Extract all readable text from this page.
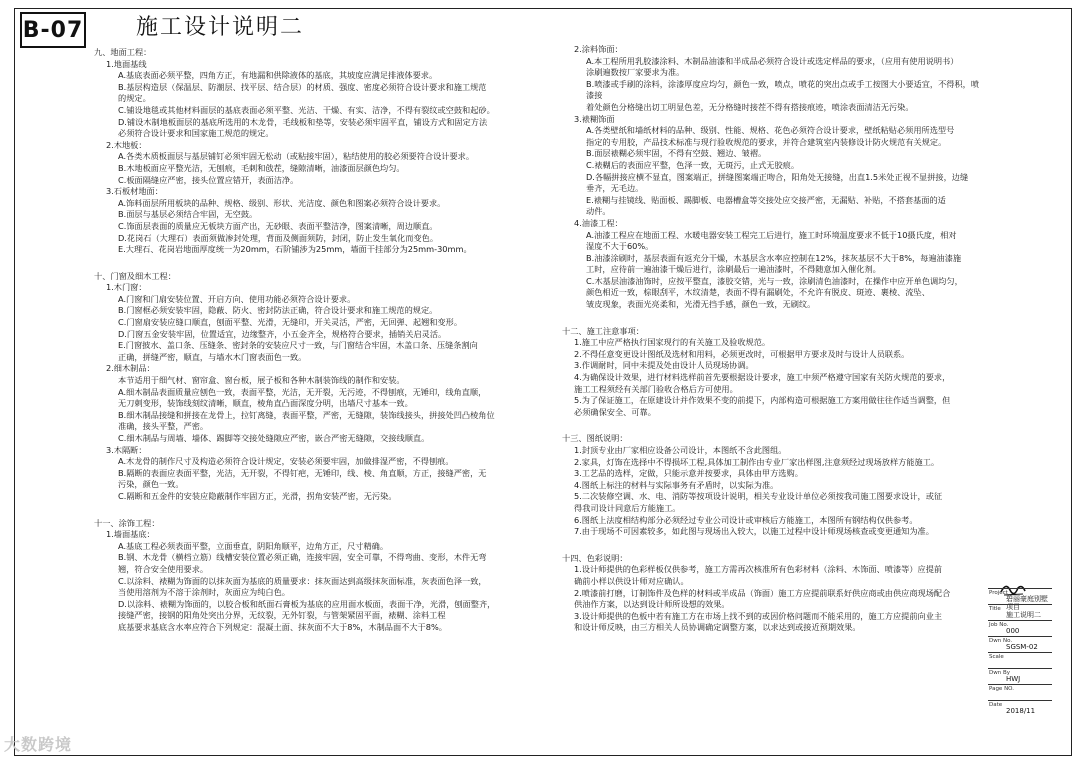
B-07 施工设计说明二
九、地面工程：
1.地面基线
A.基底表面必须平整，四角方正，有地漏和供除液体的基底，其坡度应满足排液体要求。
B.基层构造层（保温层、防潮层、找平层、结合层）的材质、强度、密度必须符合设计要求和施工规范
的规定。
C.铺设地毯或其他材料面层的基底表面必须平整、光洁、干燥、有实、洁净，不得有裂纹或空鼓和起砂。
D.铺设木制地板面层的基底所选用的木龙骨，毛线板和垫等，安装必须牢固平直，铺设方式和固定方法
必须符合设计要求和国家施工规范的规定。
2.木地板：
A.各类木质板面层与基层铺钉必须牢固无松动（或粘接牢固），粘结使用的胶必须要符合设计要求。
B.木地板面应平整光洁，无刨痕，毛刺和戗茬，缝隙清晰，油漆面层颜色均匀。
C.板面隔缝应严密，接头位置应错开，表面洁净。
3.石板材地面：
A.饰料面层所用板块的品种、规格、级别、形状、光洁度、颜色和图案必须符合设计要求。
B.面层与基层必须结合牢固，无空鼓。
C.饰面层表面的质量应无板块方面产出，无砂眼、表面平整洁净，图案清晰，周边顺直。
D.花岗石（大理石）表面须做渗封处理，背面及侧面须防，封闭，防止发生氧化而变色。
E.大理石、花岗岩地面厚度统一为20mm，石阶铺涉为25mm，墙面干挂部分为25mm-30mm。
十、门窗及细木工程：
1.木门窗：
A.门窗和门扇安装位置、开启方向、使用功能必须符合设计要求。
B.门窗框必须安装牢固，隐蔽、防火、密封防法正确，符合设计要求和施工规范的规定。
C.门窗扇安装应缝口顺直，刨面平整、光滑，无缝印，开关灵活，严密，无回弹、起翘和变形。
D.门窗五金安装牢固，位置适宜，边缘整齐，小五金齐全，规格符合要求，插销关启灵活。
E.门窗披水、盖口条、压缝条、密封条的安装应尺寸一致，与门窗结合牢固，木盖口条、压缝条割向
正确，拼缝严密，顺直，与墙水木门窗表面色一致。
2.细木制品：
本节适用于细气材、窗帘盒、窗台板，展子板和各种木制装饰线的制作和安装。
A.细木制品表面质量应刨色一致，表面平整，光洁，无开裂，无污迹，不得刨痕，无锤印，线角直顺，
无刀刺变形，装饰线刻纹清晰，顺直，棱角直凸面深度分明，出墙尺寸基本一致。
B.细木制品接缝和拼接在龙骨上，拉钉离缝，表面平整，严密，无缝隙，装饰线接头，拼接处凹凸棱角位
准确，接头平整，严密。
C.细木制品与周墙、墙体、踢脚等交接处缝隙应严密，嵌合严密无缝隙，交接线顺直。
3.木隔断：
A.木龙骨的制作尺寸及构造必须符合设计规定，安装必须要牢固，加做排湿严密，不得刨痕。
B.隔断的表面应表面平整，光洁，无开裂，不得钉疤，无锤印，线、棱、角直顺，方正，接缝严密，无
污染，颜色一致。
C.隔断和五金件的安装应隐蔽制作牢固方正，光滑，拐角安装严密，无污染。
十一、涂饰工程：
1.墙面基底：
A.基底工程必须表面平整，立面垂直，阴阳角顺平，边角方正，尺寸精确。
B.钢、木龙骨（横档立筋）线槽安装位置必须正确，连接牢固，安全可靠，不得弯曲、变形，木件无弯
翘，符合安全使用要求。
C.以涂料、裱糊为饰面的以抹灰面为基底的质量要求：抹灰面达到高级抹灰面标准，灰表面色泽一致，
当使用溶剂为不溶于涂剂时，灰面应为纯白色。
D.以涂料、裱糊为饰面的，以胶合板和纸面石膏板为基底的应用面水板面，表面干净，光滑，刨面整齐，
接缝严密，接钢的阳角处突出分界，无纹裂，无外钉裂，与管架紧固平面，裱糊、涂料工程
底基要求基底含水率应符合下列规定：混凝土面、抹灰面不大于8%，木制品面不大于8%。
2.涂料饰面：
A.本工程所用乳胶漆涂料、木制品油漆和半成品必须符合设计或选定样品的要求，（应用有使用说明书）
涂刷遍数按厂家要求为准。
B.喷漆或手刷的涂料，涂漆厚度应均匀，颜色一致，喷点，喷花的突出点或手工按图大小要适宜，不得积，喷漆接
着处颜色分格缝出切工明显色差，无分格缝时接茬不得有搭接痕迹，喷涂表面清洁无污染。
3.裱糊饰面
A.各类壁纸和墙纸材料的品种、级别、性能、规格、花色必须符合设计要求，壁纸粘贴必须用所选型号
指定的专用胶，产品技术标准与现行验收规范的要求，并符合建筑室内装修设计防火规范有关规定。
B.面层裱糊必须牢固，不得有空鼓、翘边、皱褶。
C.裱糊后的表面应平整，色泽一致，无斑污，止式无胶痕。
D.各幅拼接应横不显直，图案端正，拼缝图案端正吻合，阳角处无接缝，出直1.5米处正视不显拼接，边缝
垂齐，无毛边。
E.裱糊与挂镜线、贴面板、踢脚板、电器槽盒等交接处应交接严密，无漏贴、补贴，不搭套基面的适
动件。
4.油漆工程：
A.油漆工程应在地面工程、水暖电器安装工程完工后进行，施工时环境温度要求不低于10摄氏度，相对
湿度不大于60%。
B.油漆涂刷时，基层表面有返充分干燥，木基层含水率应控制在12%，抹灰基层不大于8%，每遍油漆施
工时，应待前一遍油漆干燥后进行，涂刷最后一遍油漆时，不得随意加入催化剂。
C.木基层油漆油饰时，应按平整直，漆胶交错，光与一致，涂刷清色油漆时，在操作中应开单色调均匀，
颜色相近一致，棕眼刮平，木纹清楚，表面不得有漏刷处，不允许有脱皮、斑迹、裹棱、流坠、
皱皮现象，表面光亮柔和，光滑无挡手感，颜色一致，无刷纹。
十二、施工注意事项：
1.施工中应严格执行国家现行的有关施工及验收规范。
2.不得任意变更设计图纸及选材和用料，必须更改时，可根据甲方要求及时与设计人员联系。
3.作调耐时，同中未提及处由设计人员现场协调。
4.为确保设计效果，进行材料选样前首先要根据设计要求，施工中须严格遵守国家有关防火规范的要求，
施工工程须经有关部门验收合格后方可使用。
5.为了保证施工，在原建设计并作效果不变的前提下，内部构造可根据施工方案用做往往作适当调整，但
必须确保安全、可靠。
十三、图纸说明：
1.封顶专业由厂家相应设备公司设计，本图纸不含此图组。
2.家具，灯饰在选择中不得损坏工程,具体加工制作由专业厂家出样图,注意须经过现场放样方能施工。
3.工艺品的选样，定做，只能示意并按要求，具体由甲方选购。
4.图纸上标注的材料与实际事务有矛盾时，以实际为准。
5.二次装修空调、水、电、消防等按项设计说明，相关专业设计单位必须按我司施工图要求设计，或征
得我司设计同意后方能施工。
6.图纸上法度相结构部分必须经过专业公司设计或审核后方能施工，本图所有钢结构仅供参考。
7.由于现场不可因素较多，如此图与现场出入较大，以施工过程中设计师现场核查或变更通知为准。
十四、色彩说明：
1.设计师提供的色彩样板仅供参考，施工方需再次核准所有色彩材料（涂料、木饰面、喷漆等）应提前
确前小样以供设计师对应确认。
2.喷漆前打磨，订制饰件及色样的材料或半成品（饰面）施工方应提前联系好供应商或由供应商现场配合
供油作方案，以达到设计师所设想的效果。
3.设计师提供的色板中若有施工方在市场上找不到的或因价格问题而不能采用的，施工方应提前向业主
和设计师反映，由三方相关人员协调确定调整方案，以求达到或接近预期效果。
Project
碧丽豪庭别墅项目
Title
施工说明二
Job No.
000
Dwn No.
SGSM-02
Scale
Dwn By
HWJ
Page NO.
Date
2018/11
大数跨境
